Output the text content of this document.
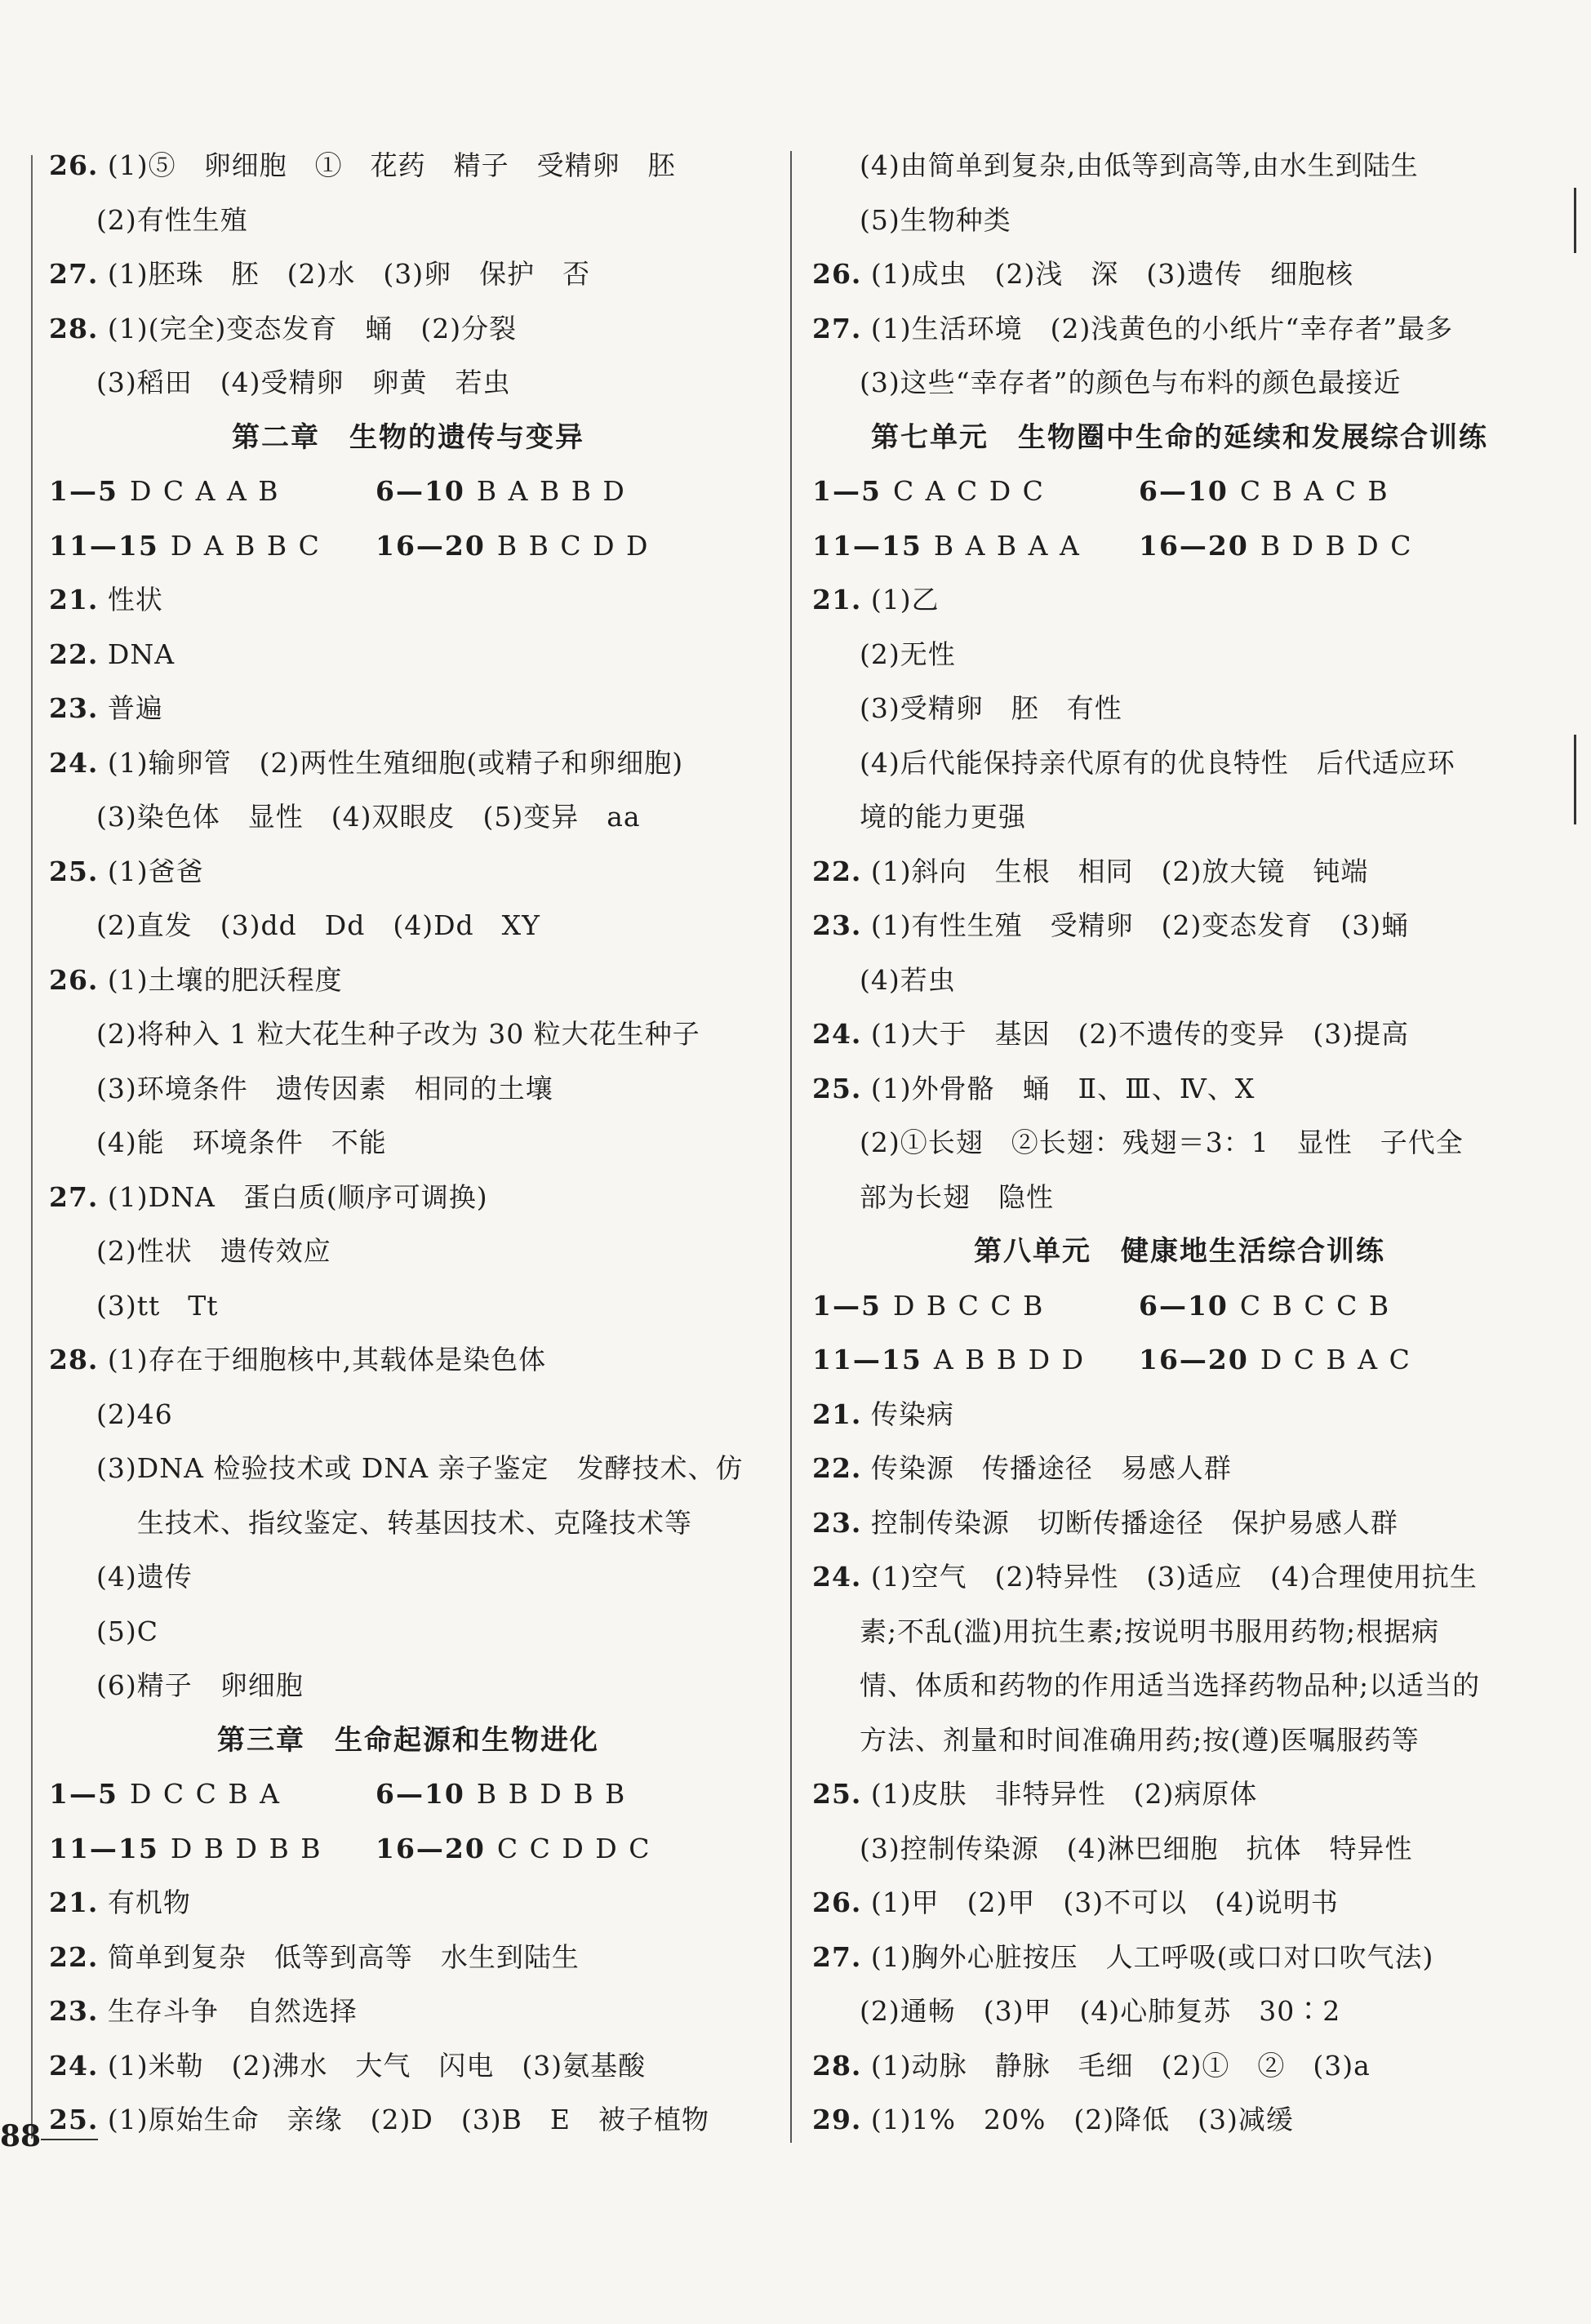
26. (1)⑤　卵细胞　①　花药　精子　受精卵　胚
(2)有性生殖
27. (1)胚珠　胚　(2)水　(3)卵　保护　否
28. (1)(完全)变态发育　蛹　(2)分裂
(3)稻田　(4)受精卵　卵黄　若虫
第二章　生物的遗传与变异
1—5 D C A A B	6—10 B A B B D
11—15 D A B B C	16—20 B B C D D
21. 性状
22. DNA
23. 普遍
24. (1)输卵管　(2)两性生殖细胞(或精子和卵细胞)
(3)染色体　显性　(4)双眼皮　(5)变异　aa
25. (1)爸爸
(2)直发　(3)dd　Dd　(4)Dd　XY
26. (1)土壤的肥沃程度
(2)将种入 1 粒大花生种子改为 30 粒大花生种子
(3)环境条件　遗传因素　相同的土壤
(4)能　环境条件　不能
27. (1)DNA　蛋白质(顺序可调换)
(2)性状　遗传效应
(3)tt　Tt
28. (1)存在于细胞核中,其载体是染色体
(2)46
(3)DNA 检验技术或 DNA 亲子鉴定　发酵技术、仿
生技术、指纹鉴定、转基因技术、克隆技术等
(4)遗传
(5)C
(6)精子　卵细胞
第三章　生命起源和生物进化
1—5 D C C B A	6—10 B B D B B
11—15 D B D B B	16—20 C C D D C
21. 有机物
22. 简单到复杂　低等到高等　水生到陆生
23. 生存斗争　自然选择
24. (1)米勒　(2)沸水　大气　闪电　(3)氨基酸
25. (1)原始生命　亲缘　(2)D　(3)B　E　被子植物
(4)由简单到复杂,由低等到高等,由水生到陆生
(5)生物种类
26. (1)成虫　(2)浅　深　(3)遗传　细胞核
27. (1)生活环境　(2)浅黄色的小纸片“幸存者”最多
(3)这些“幸存者”的颜色与布料的颜色最接近
第七单元　生物圈中生命的延续和发展综合训练
1—5 C A C D C	6—10 C B A C B
11—15 B A B A A	16—20 B D B D C
21. (1)乙
(2)无性
(3)受精卵　胚　有性
(4)后代能保持亲代原有的优良特性　后代适应环
境的能力更强
22. (1)斜向　生根　相同　(2)放大镜　钝端
23. (1)有性生殖　受精卵　(2)变态发育　(3)蛹
(4)若虫
24. (1)大于　基因　(2)不遗传的变异　(3)提高
25. (1)外骨骼　蛹　Ⅱ、Ⅲ、Ⅳ、X
(2)①长翅　②长翅：残翅＝3：1　显性　子代全
部为长翅　隐性
第八单元　健康地生活综合训练
1—5 D B C C B	6—10 C B C C B
11—15 A B B D D	16—20 D C B A C
21. 传染病
22. 传染源　传播途径　易感人群
23. 控制传染源　切断传播途径　保护易感人群
24. (1)空气　(2)特异性　(3)适应　(4)合理使用抗生
素;不乱(滥)用抗生素;按说明书服用药物;根据病
情、体质和药物的作用适当选择药物品种;以适当的
方法、剂量和时间准确用药;按(遵)医嘱服药等
25. (1)皮肤　非特异性　(2)病原体
(3)控制传染源　(4)淋巴细胞　抗体　特异性
26. (1)甲　(2)甲　(3)不可以　(4)说明书
27. (1)胸外心脏按压　人工呼吸(或口对口吹气法)
(2)通畅　(3)甲　(4)心肺复苏　30∶2
28. (1)动脉　静脉　毛细　(2)①　②　(3)a
29. (1)1%　20%　(2)降低　(3)减缓
88
